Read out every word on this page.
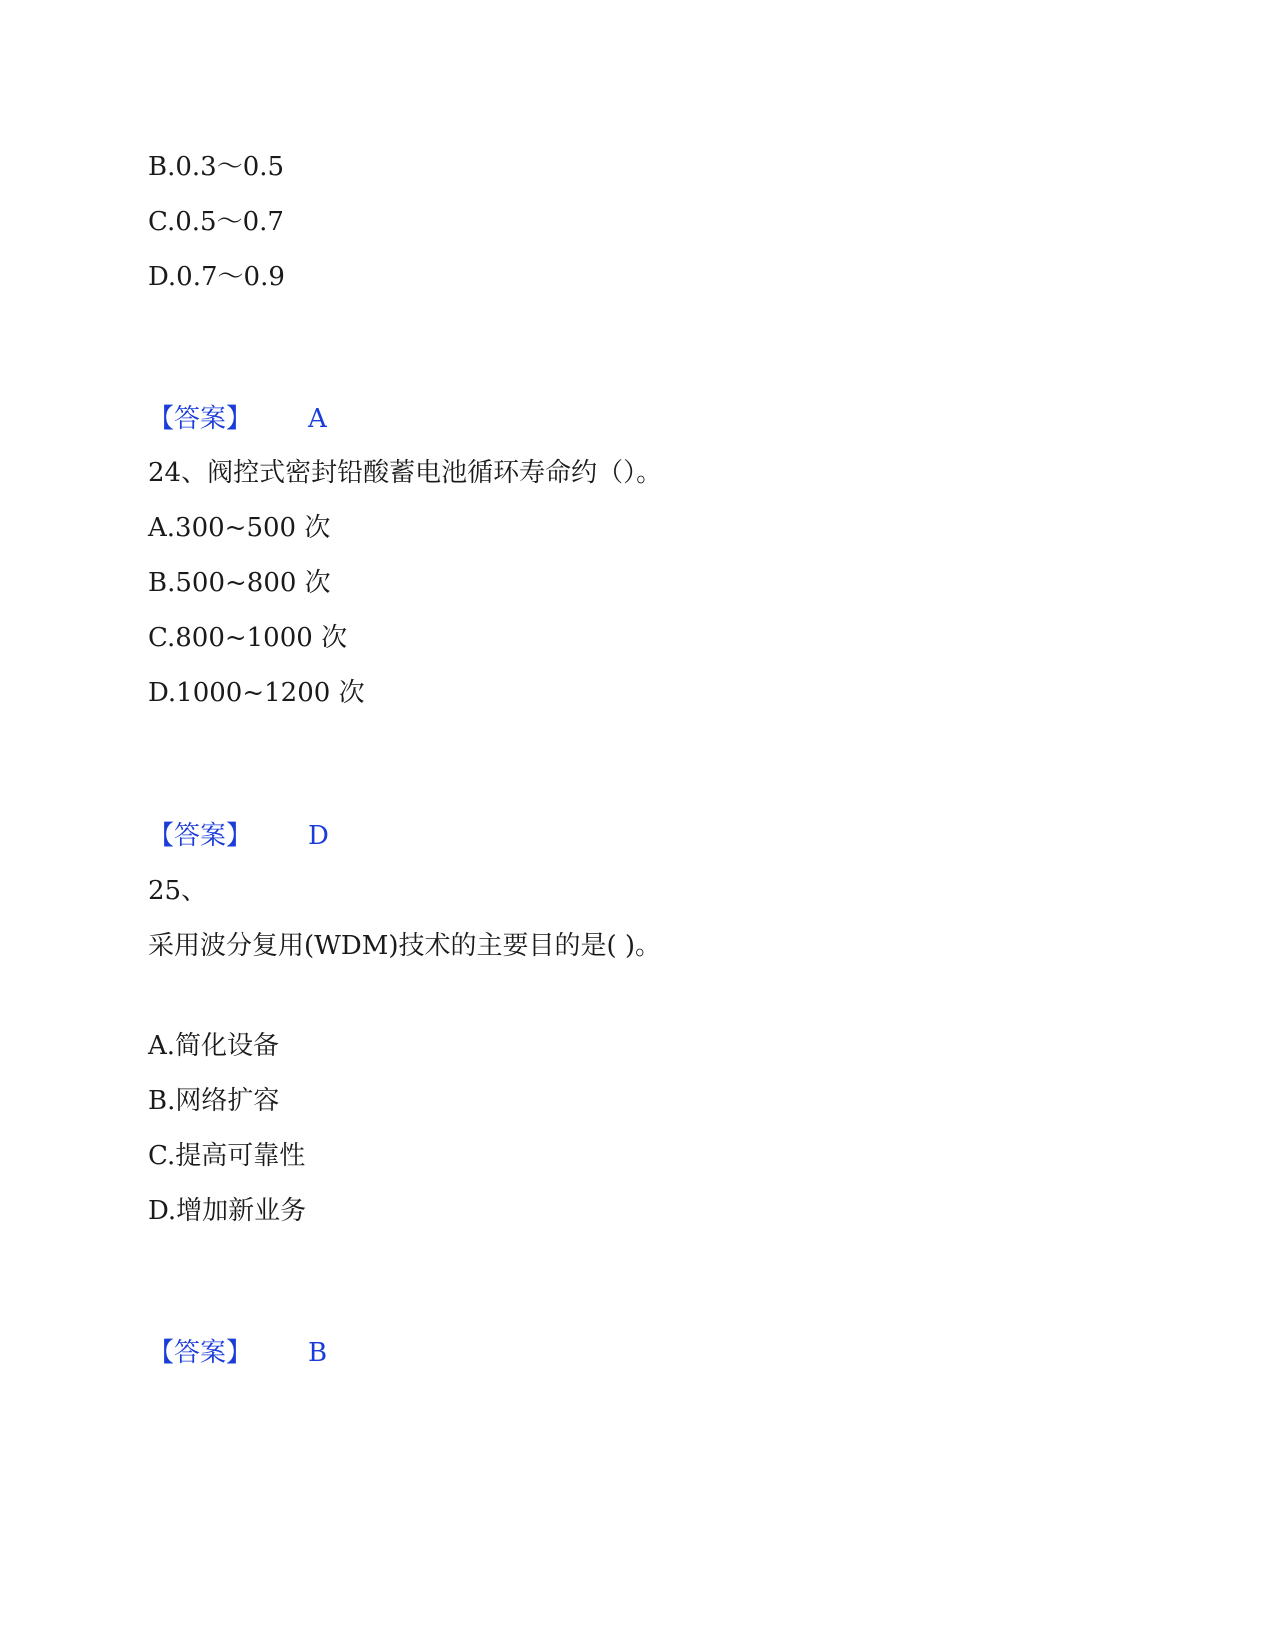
B.0.3～0.5
C.0.5～0.7
D.0.7～0.9
【答案】 A
24、阀控式密封铅酸蓄电池循环寿命约（）。
A.300~500 次
B.500~800 次
C.800~1000 次
D.1000~1200 次
【答案】 D
25、
采用波分复用(WDM)技术的主要目的是( )。
A.简化设备
B.网络扩容
C.提高可靠性
D.增加新业务
【答案】 B
